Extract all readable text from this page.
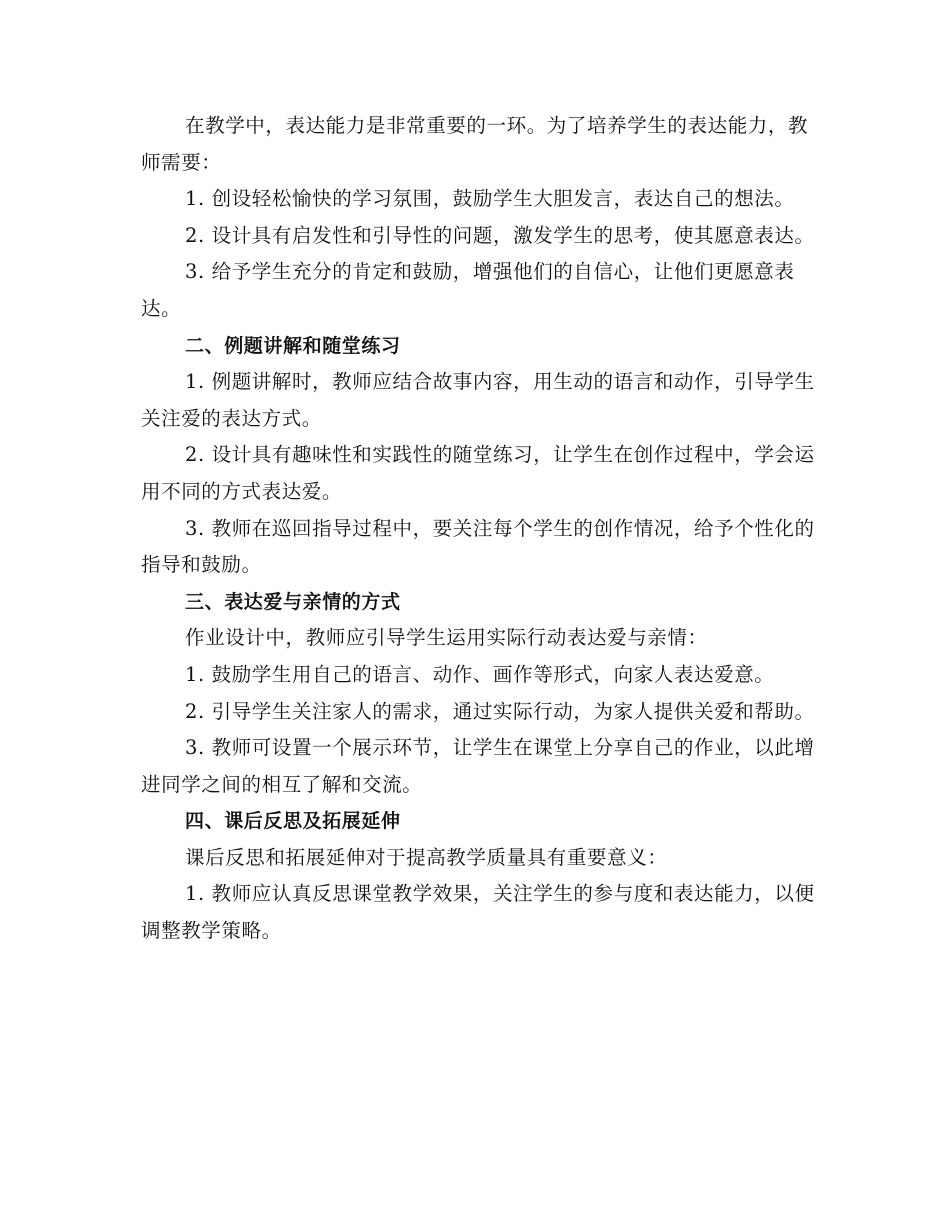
在教学中，表达能力是非常重要的一环。为了培养学生的表达能力，教师需要：

1. 创设轻松愉快的学习氛围，鼓励学生大胆发言，表达自己的想法。

2. 设计具有启发性和引导性的问题，激发学生的思考，使其愿意表达。

3. 给予学生充分的肯定和鼓励，增强他们的自信心，让他们更愿意表达。

二、例题讲解和随堂练习

1. 例题讲解时，教师应结合故事内容，用生动的语言和动作，引导学生关注爱的表达方式。

2. 设计具有趣味性和实践性的随堂练习，让学生在创作过程中，学会运用不同的方式表达爱。

3. 教师在巡回指导过程中，要关注每个学生的创作情况，给予个性化的指导和鼓励。

三、表达爱与亲情的方式

作业设计中，教师应引导学生运用实际行动表达爱与亲情：

1. 鼓励学生用自己的语言、动作、画作等形式，向家人表达爱意。

2. 引导学生关注家人的需求，通过实际行动，为家人提供关爱和帮助。

3. 教师可设置一个展示环节，让学生在课堂上分享自己的作业，以此增进同学之间的相互了解和交流。

四、课后反思及拓展延伸

课后反思和拓展延伸对于提高教学质量具有重要意义：

1. 教师应认真反思课堂教学效果，关注学生的参与度和表达能力，以便调整教学策略。
